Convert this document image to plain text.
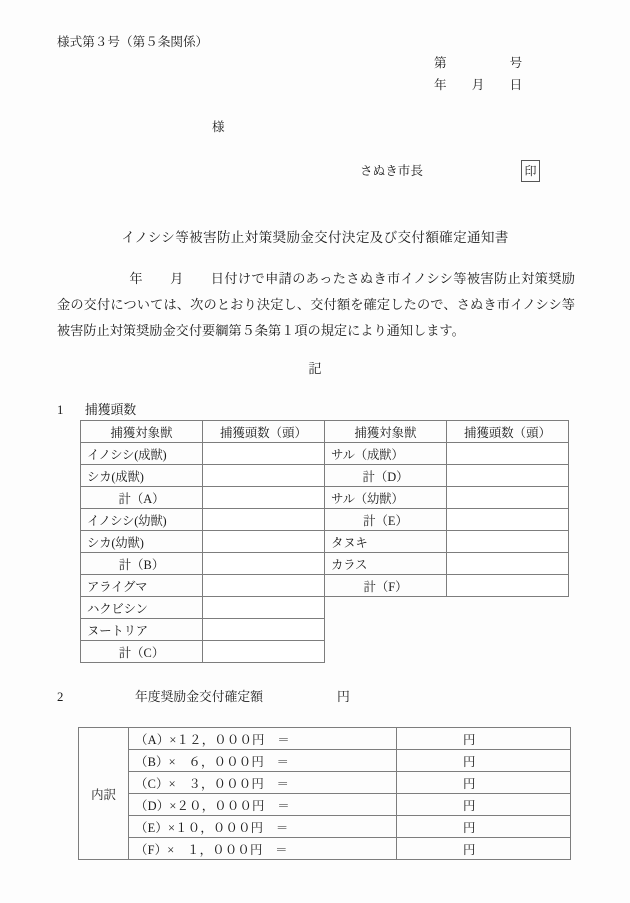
様式第３号（第５条関係）
第　　　　　号
年　　月　　日
様
さぬき市長	印
イノシシ等被害防止対策奨励金交付決定及び交付額確定通知書
年　　月　　日付けで申請のあったさぬき市イノシシ等被害防止対策奨励金の交付については、次のとおり決定し、交付額を確定したので、さぬき市イノシシ等被害防止対策奨励金交付要綱第５条第１項の規定により通知します。
記
1 捕獲頭数
捕獲対象獣	捕獲頭数（頭）	捕獲対象獣	捕獲頭数（頭）
イノシシ(成獣)		サル（成獣）	
シカ(成獣)		計（D）	
計（A）		サル（幼獣）	
イノシシ(幼獣)		計（E）	
シカ(幼獣)		タヌキ	
計（B）		カラス	
アライグマ		計（F）	
ハクビシン			
ヌートリア			
計（C）			
2	年度奨励金交付確定額	円
内訳	（A）×１２，０００円　＝	円
	（B）×　６，０００円　＝	円
	（C）×　３，０００円　＝	円
	（D）×２０，０００円　＝	円
	（E）×１０，０００円　＝	円
	（F）×　１，０００円　＝	円
